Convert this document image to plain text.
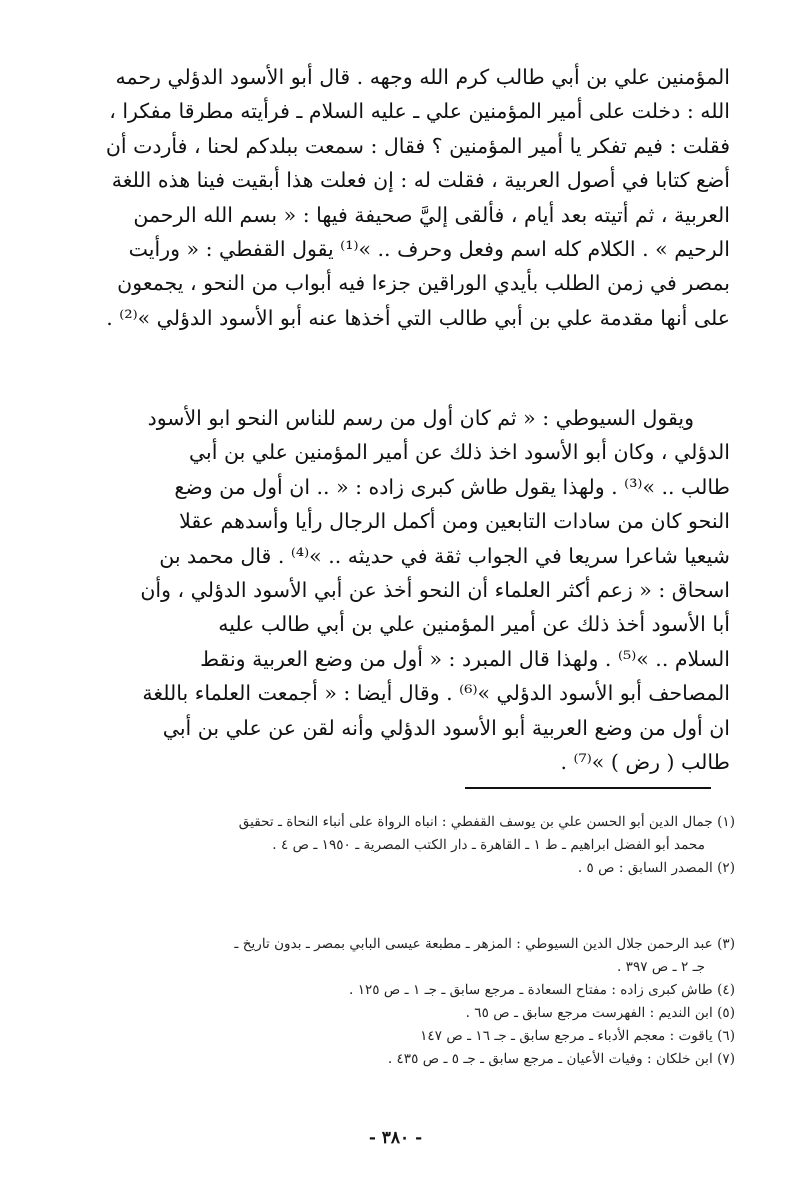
المؤمنين علي بن أبي طالب كرم الله وجهه . قال أبو الأسود الدؤلي رحمه
الله : دخلت على أمير المؤمنين علي ـ عليه السلام ـ فرأيته مطرقا مفكرا ،
فقلت : فيم تفكر يا أمير المؤمنين ؟ فقال : سمعت ببلدكم لحنا ، فأردت أن
أضع كتابا في أصول العربية ، فقلت له : إن فعلت هذا أبقيت فينا هذه اللغة
العربية ، ثم أتيته بعد أيام ، فألقى إليَّ صحيفة فيها : « بسم الله الرحمن
الرحيم » . الكلام كله اسم وفعل وحرف .. »⁽¹⁾ يقول القفطي : « ورأيت
بمصر في زمن الطلب بأيدي الوراقين جزءا فيه أبواب من النحو ، يجمعون
على أنها مقدمة علي بن أبي طالب التي أخذها عنه أبو الأسود الدؤلي »⁽²⁾ .
ويقول السيوطي : « ثم كان أول من رسم للناس النحو ابو الأسود
الدؤلي ، وكان أبو الأسود اخذ ذلك عن أمير المؤمنين علي بن أبي
طالب .. »⁽³⁾ . ولهذا يقول طاش كبرى زاده : « .. ان أول من وضع
النحو كان من سادات التابعين ومن أكمل الرجال رأيا وأسدهم عقلا
شيعيا شاعرا سريعا في الجواب ثقة في حديثه .. »⁽⁴⁾ . قال محمد بن
اسحاق : « زعم أكثر العلماء أن النحو أخذ عن أبي الأسود الدؤلي ، وأن
أبا الأسود أخذ ذلك عن أمير المؤمنين علي بن أبي طالب عليه
السلام .. »⁽⁵⁾ . ولهذا قال المبرد : « أول من وضع العربية ونقط
المصاحف أبو الأسود الدؤلي »⁽⁶⁾ . وقال أيضا : « أجمعت العلماء باللغة
ان أول من وضع العربية أبو الأسود الدؤلي وأنه لقن عن علي بن أبي
طالب ( رض ) »⁽⁷⁾ .
(١) جمال الدين أبو الحسن علي بن يوسف القفطي : انباه الرواة على أنباء النحاة ـ تحقيق
محمد أبو الفضل ابراهيم ـ ط ١ ـ القاهرة ـ دار الكتب المصرية ـ ١٩٥٠ ـ ص ٤ .
(٢) المصدر السابق : ص ٥ .
(٣) عبد الرحمن جلال الدين السيوطي : المزهر ـ مطبعة عيسى البابي بمصر ـ بدون تاريخ ـ
جـ ٢ ـ ص ٣٩٧ .
(٤) طاش كبرى زاده : مفتاح السعادة ـ مرجع سابق ـ جـ ١ ـ ص ١٢٥ .
(٥) ابن النديم : الفهرست مرجع سابق ـ ص ٦٥ .
(٦) ياقوت : معجم الأدباء ـ مرجع سابق ـ جـ ١٦ ـ ص ١٤٧
(٧) ابن خلكان : وفيات الأعيان ـ مرجع سابق ـ جـ ٥ ـ ص ٤٣٥ .
- ٣٨٠ -
